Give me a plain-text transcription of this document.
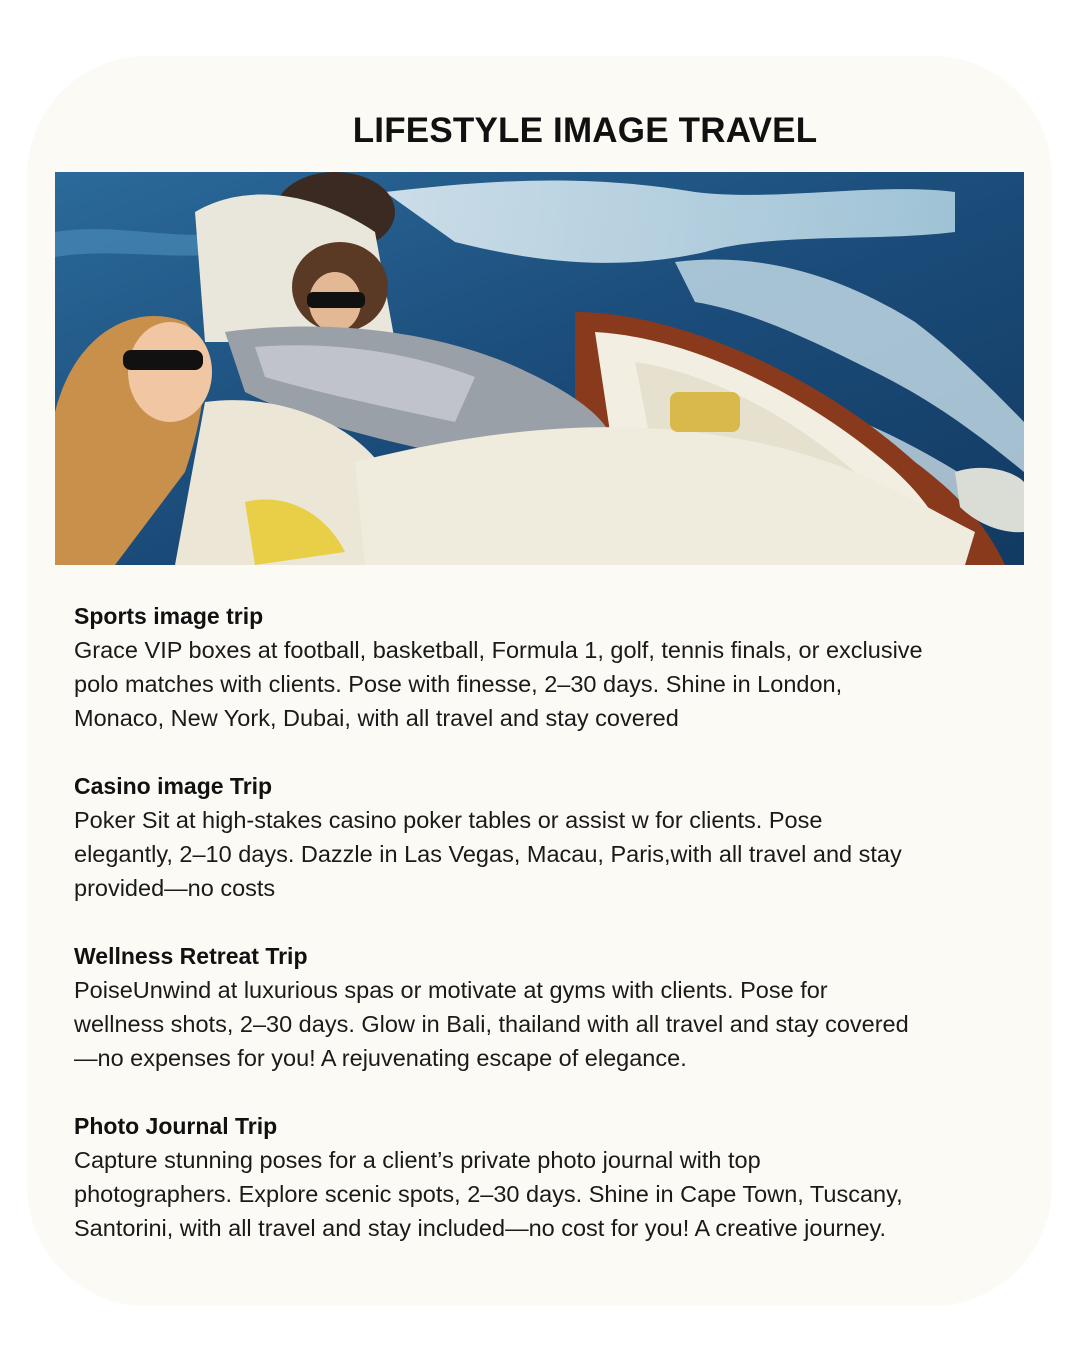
LIFESTYLE IMAGE TRAVEL
Sports image trip

Grace VIP boxes at football, basketball, Formula 1, golf, tennis finals, or exclusive
polo matches with clients. Pose with finesse, 2–30 days. Shine in London,
Monaco, New York, Dubai, with all travel and stay covered

Casino image Trip

Poker Sit at high-stakes casino poker tables or assist w for clients. Pose
elegantly, 2–10 days. Dazzle in Las Vegas, Macau, Paris,with all travel and stay
provided—no costs

Wellness Retreat Trip

PoiseUnwind at luxurious spas or motivate at gyms with clients. Pose for
wellness shots, 2–30 days. Glow in Bali, thailand with all travel and stay covered
—no expenses for you! A rejuvenating escape of elegance.

Photo Journal Trip

Capture stunning poses for a client’s private photo journal with top
photographers. Explore scenic spots, 2–30 days. Shine in Cape Town, Tuscany,
Santorini, with all travel and stay included—no cost for you! A creative journey.
